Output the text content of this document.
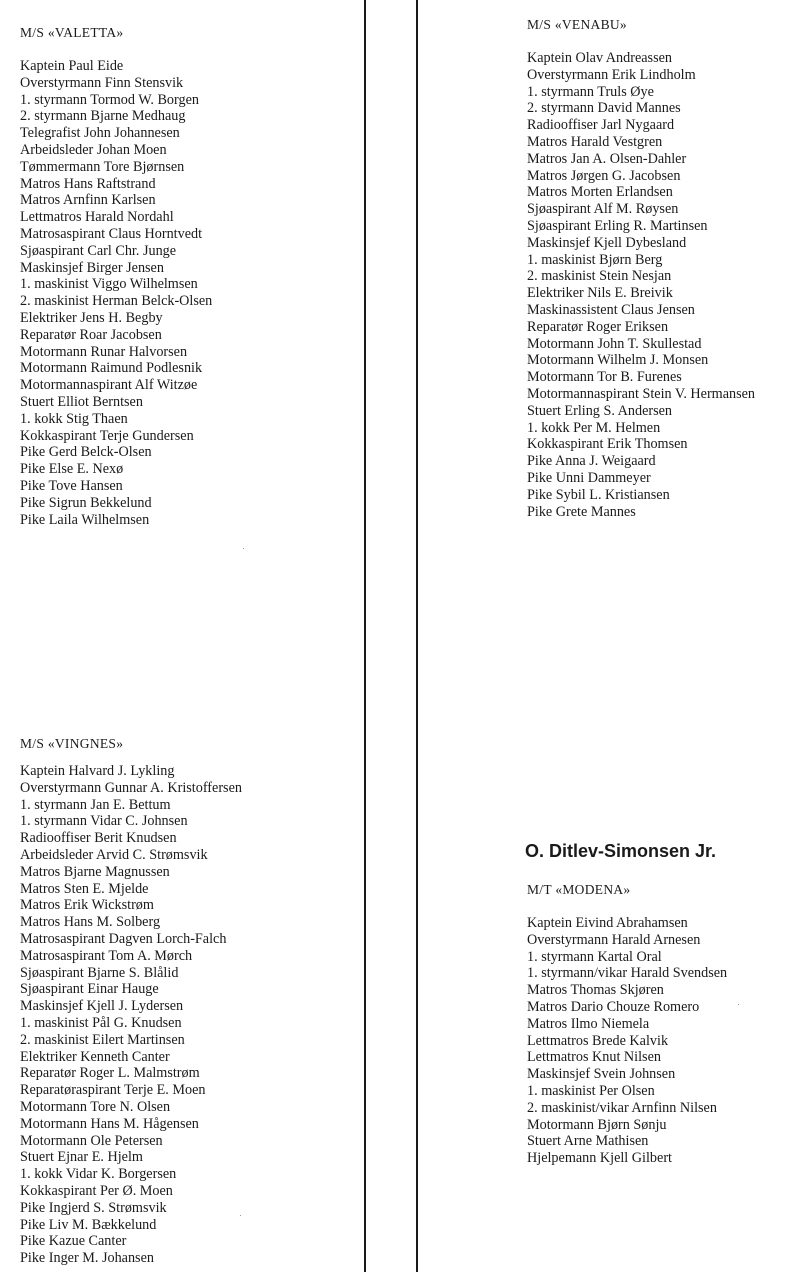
M/S «VALETTA»
Kaptein Paul Eide
Overstyrmann Finn Stensvik
1. styrmann Tormod W. Borgen
2. styrmann Bjarne Medhaug
Telegrafist John Johannesen
Arbeidsleder Johan Moen
Tømmermann Tore Bjørnsen
Matros Hans Raftstrand
Matros Arnfinn Karlsen
Lettmatros Harald Nordahl
Matrosaspirant Claus Horntvedt
Sjøaspirant Carl Chr. Junge
Maskinsjef Birger Jensen
1. maskinist Viggo Wilhelmsen
2. maskinist Herman Belck-Olsen
Elektriker Jens H. Begby
Reparatør Roar Jacobsen
Motormann Runar Halvorsen
Motormann Raimund Podlesnik
Motormannaspirant Alf Witzøe
Stuert Elliot Berntsen
1. kokk Stig Thaen
Kokkaspirant Terje Gundersen
Pike Gerd Belck-Olsen
Pike Else E. Nexø
Pike Tove Hansen
Pike Sigrun Bekkelund
Pike Laila Wilhelmsen
M/S «VENABU»
Kaptein Olav Andreassen
Overstyrmann Erik Lindholm
1. styrmann Truls Øye
2. styrmann David Mannes
Radiooffiser Jarl Nygaard
Matros Harald Vestgren
Matros Jan A. Olsen-Dahler
Matros Jørgen G. Jacobsen
Matros Morten Erlandsen
Sjøaspirant Alf M. Røysen
Sjøaspirant Erling R. Martinsen
Maskinsjef Kjell Dybesland
1. maskinist Bjørn Berg
2. maskinist Stein Nesjan
Elektriker Nils E. Breivik
Maskinassistent Claus Jensen
Reparatør Roger Eriksen
Motormann John T. Skullestad
Motormann Wilhelm J. Monsen
Motormann Tor B. Furenes
Motormannaspirant Stein V. Hermansen
Stuert Erling S. Andersen
1. kokk Per M. Helmen
Kokkaspirant Erik Thomsen
Pike Anna J. Weigaard
Pike Unni Dammeyer
Pike Sybil L. Kristiansen
Pike Grete Mannes
M/S «VINGNES»
Kaptein Halvard J. Lykling
Overstyrmann Gunnar A. Kristoffersen
1. styrmann Jan E. Bettum
1. styrmann Vidar C. Johnsen
Radiooffiser Berit Knudsen
Arbeidsleder Arvid C. Strømsvik
Matros Bjarne Magnussen
Matros Sten E. Mjelde
Matros Erik Wickstrøm
Matros Hans M. Solberg
Matrosaspirant Dagven Lorch-Falch
Matrosaspirant Tom A. Mørch
Sjøaspirant Bjarne S. Blålid
Sjøaspirant Einar Hauge
Maskinsjef Kjell J. Lydersen
1. maskinist Pål G. Knudsen
2. maskinist Eilert Martinsen
Elektriker Kenneth Canter
Reparatør Roger L. Malmstrøm
Reparatøraspirant Terje E. Moen
Motormann Tore N. Olsen
Motormann Hans M. Hågensen
Motormann Ole Petersen
Stuert Ejnar E. Hjelm
1. kokk Vidar K. Borgersen
Kokkaspirant Per Ø. Moen
Pike Ingjerd S. Strømsvik
Pike Liv M. Bækkelund
Pike Kazue Canter
Pike Inger M. Johansen
O. Ditlev-Simonsen Jr.
M/T «MODENA»
Kaptein Eivind Abrahamsen
Overstyrmann Harald Arnesen
1. styrmann Kartal Oral
1. styrmann/vikar Harald Svendsen
Matros Thomas Skjøren
Matros Dario Chouze Romero
Matros Ilmo Niemela
Lettmatros Brede Kalvik
Lettmatros Knut Nilsen
Maskinsjef Svein Johnsen
1. maskinist Per Olsen
2. maskinist/vikar Arnfinn Nilsen
Motormann Bjørn Sønju
Stuert Arne Mathisen
Hjelpemann Kjell Gilbert
